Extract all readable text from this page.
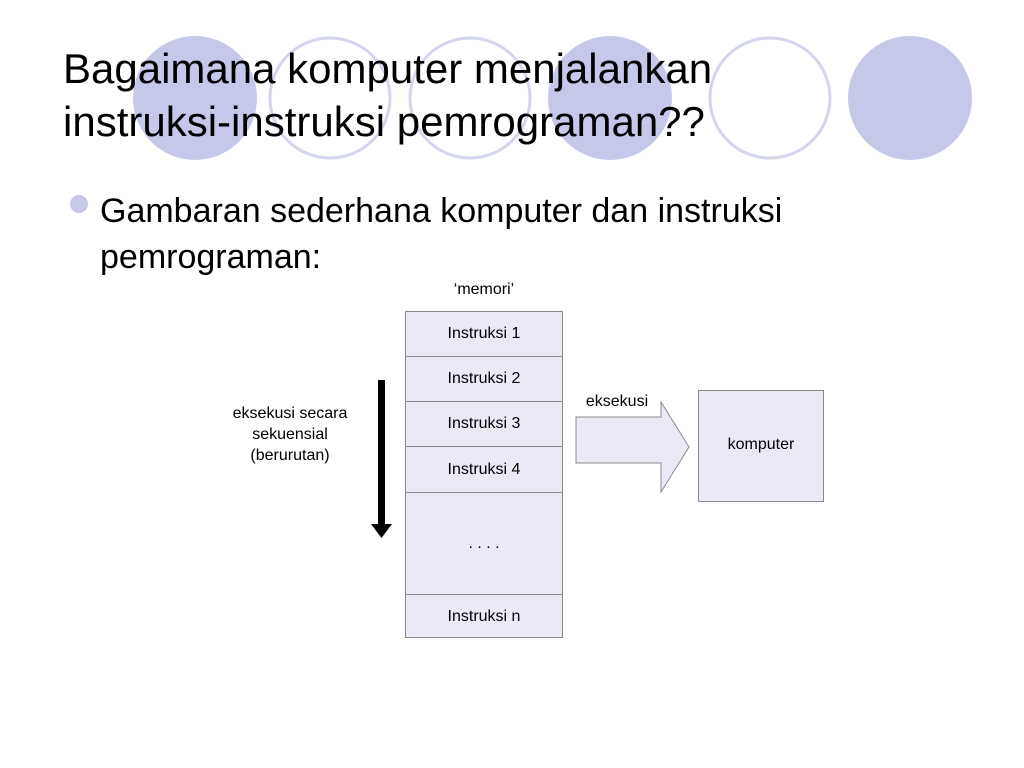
Bagaimana komputer menjalankan
instruksi-instruksi pemrograman??

Gambaran sederhana komputer dan instruksi
pemrograman:

‘memori’
Instruksi 1
Instruksi 2
Instruksi 3
Instruksi 4
. . . .
Instruksi n
eksekusi secara
sekuensial
(berurutan)
eksekusi
komputer
